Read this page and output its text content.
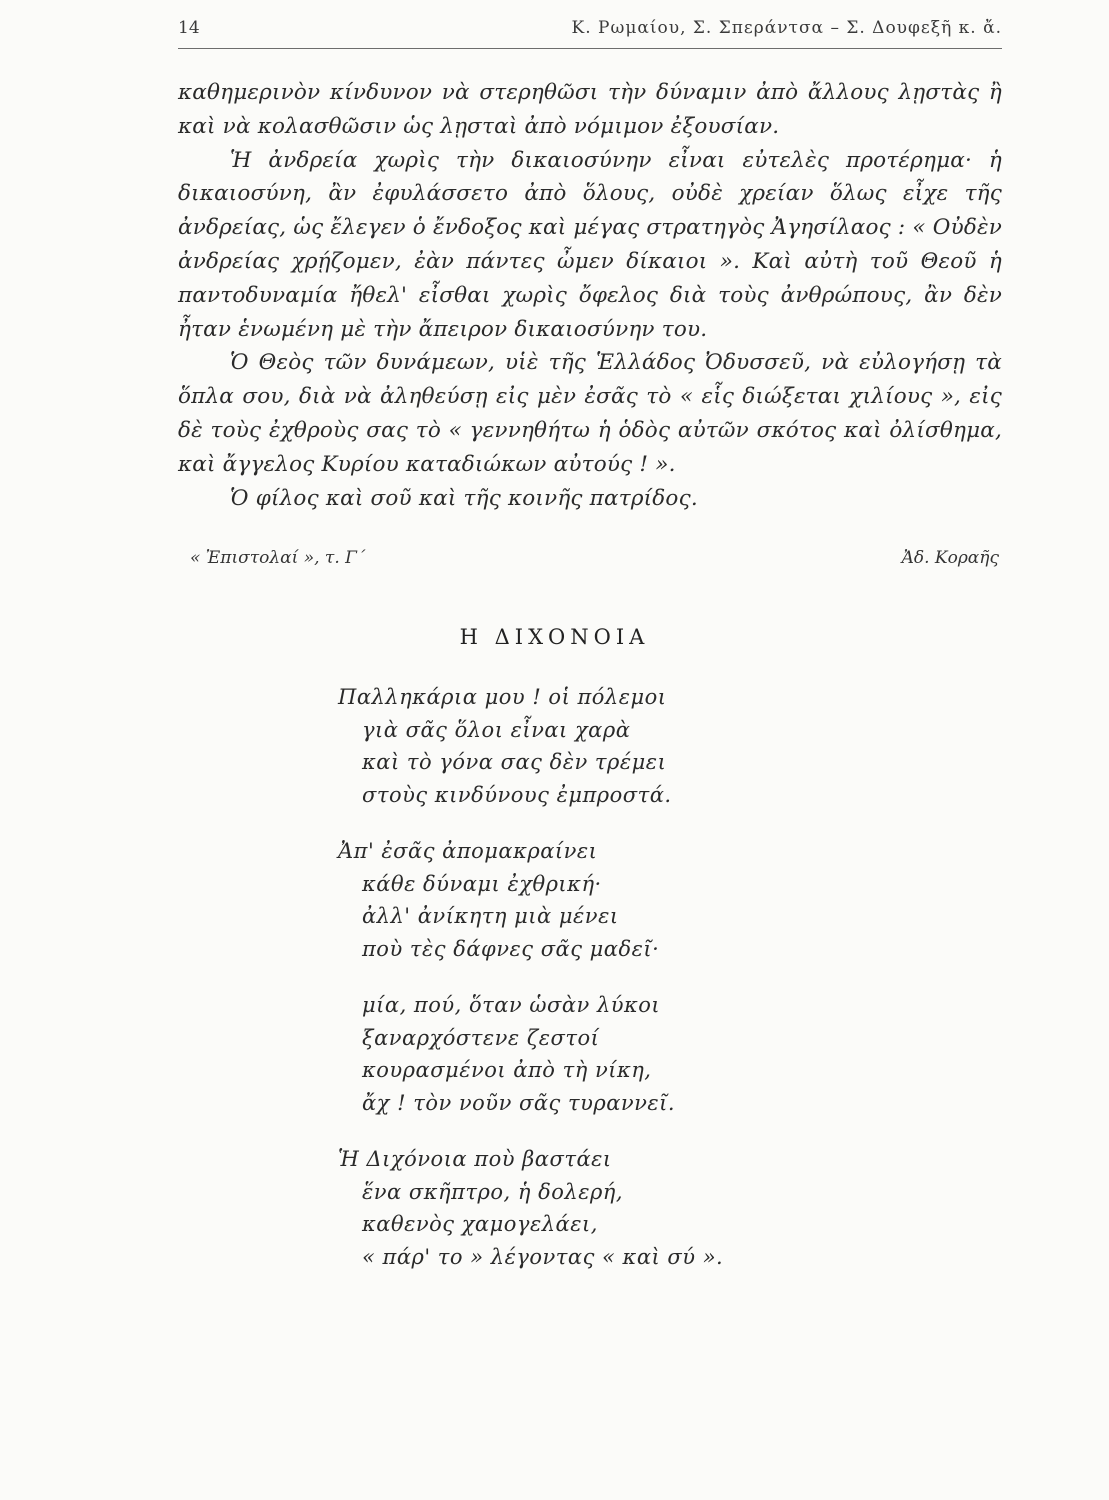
14	Κ. Ρωμαίου, Σ. Σπεράντσα – Σ. Δουφεξῆ κ. ἄ.

καθημερινὸν κίνδυνον νὰ στερηθῶσι τὴν δύναμιν ἀπὸ ἄλλους λῃστὰς ἢ καὶ νὰ κολασθῶσιν ὡς λῃσταὶ ἀπὸ νόμιμον ἐξουσίαν.

Ἡ ἀνδρεία χωρὶς τὴν δικαιοσύνην εἶναι εὐτελὲς προτέρημα· ἡ δικαιοσύνη, ἂν ἐφυλάσσετο ἀπὸ ὅλους, οὐδὲ χρείαν ὅλως εἶχε τῆς ἀνδρείας, ὡς ἔλεγεν ὁ ἔνδοξος καὶ μέγας στρατηγὸς Ἀγησίλαος : « Οὐδὲν ἀνδρείας χρῄζομεν, ἐὰν πάντες ὦμεν δίκαιοι ». Καὶ αὐτὴ τοῦ Θεοῦ ἡ παντοδυναμία ἤθελ' εἶσθαι χωρὶς ὄφελος διὰ τοὺς ἀνθρώπους, ἂν δὲν ἦταν ἑνωμένη μὲ τὴν ἄπειρον δικαιοσύνην του.

Ὁ Θεὸς τῶν δυνάμεων, υἱὲ τῆς Ἑλλάδος Ὀδυσσεῦ, νὰ εὐλογήσῃ τὰ ὅπλα σου, διὰ νὰ ἀληθεύσῃ εἰς μὲν ἐσᾶς τὸ « εἷς διώξεται χιλίους », εἰς δὲ τοὺς ἐχθροὺς σας τὸ « γεννηθήτω ἡ ὁδὸς αὐτῶν σκότος καὶ ὀλίσθημα, καὶ ἄγγελος Κυρίου καταδιώκων αὐτούς ! ».

Ὁ φίλος καὶ σοῦ καὶ τῆς κοινῆς πατρίδος.

« Ἐπιστολαί », τ. Γ΄	Ἀδ. Κοραῆς
Η ΔΙΧΟΝΟΙΑ
Παλληκάρια μου ! οἱ πόλεμοι
γιὰ σᾶς ὅλοι εἶναι χαρὰ
καὶ τὸ γόνα σας δὲν τρέμει
στοὺς κινδύνους ἐμπροστά.
Ἀπ' ἐσᾶς ἀπομακραίνει
κάθε δύναμι ἐχθρική·
ἀλλ' ἀνίκητη μιὰ μένει
ποὺ τὲς δάφνες σᾶς μαδεῖ·
μία, πού, ὅταν ὡσὰν λύκοι
ξαναρχόστενε ζεστοί
κουρασμένοι ἀπὸ τὴ νίκη,
ἄχ ! τὸν νοῦν σᾶς τυραννεῖ.
Ἡ Διχόνοια ποὺ βαστάει
ἕνα σκῆπτρο, ἡ δολερή,
καθενὸς χαμογελάει,
« πάρ' το » λέγοντας « καὶ σύ ».
